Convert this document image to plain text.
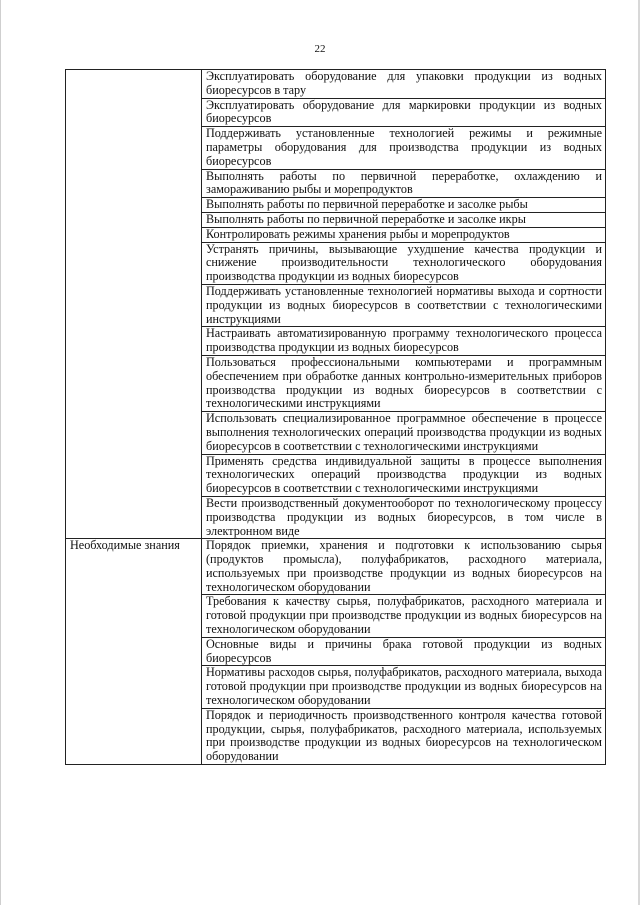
22
	Эксплуатировать оборудование для упаковки продукции из водных биоресурсов в тару
	Эксплуатировать оборудование для маркировки продукции из водных биоресурсов
	Поддерживать установленные технологией режимы и режимные параметры оборудования для производства продукции из водных биоресурсов
	Выполнять работы по первичной переработке, охлаждению и замораживанию рыбы и морепродуктов
	Выполнять работы по первичной переработке и засолке рыбы
	Выполнять работы по первичной переработке и засолке икры
	Контролировать режимы хранения рыбы и морепродуктов
	Устранять причины, вызывающие ухудшение качества продукции и снижение производительности технологического оборудования производства продукции из водных биоресурсов
	Поддерживать установленные технологией нормативы выхода и сортности продукции из водных биоресурсов в соответствии с технологическими инструкциями
	Настраивать автоматизированную программу технологического процесса производства продукции из водных биоресурсов
	Пользоваться профессиональными компьютерами и программным обеспечением при обработке данных контрольно-измерительных приборов производства продукции из водных биоресурсов в соответствии с технологическими инструкциями
	Использовать специализированное программное обеспечение в процессе выполнения технологических операций производства продукции из водных биоресурсов в соответствии с технологическими инструкциями
	Применять средства индивидуальной защиты в процессе выполнения технологических операций производства продукции из водных биоресурсов в соответствии с технологическими инструкциями
	Вести производственный документооборот по технологическому процессу производства продукции из водных биоресурсов, в том числе в электронном виде
Необходимые знания	Порядок приемки, хранения и подготовки к использованию сырья (продуктов промысла), полуфабрикатов, расходного материала, используемых при производстве продукции из водных биоресурсов на технологическом оборудовании
	Требования к качеству сырья, полуфабрикатов, расходного материала и готовой продукции при производстве продукции из водных биоресурсов на технологическом оборудовании
	Основные виды и причины брака готовой продукции из водных биоресурсов
	Нормативы расходов сырья, полуфабрикатов, расходного материала, выхода готовой продукции при производстве продукции из водных биоресурсов на технологическом оборудовании
	Порядок и периодичность производственного контроля качества готовой продукции, сырья, полуфабрикатов, расходного материала, используемых при производстве продукции из водных биоресурсов на технологическом оборудовании
